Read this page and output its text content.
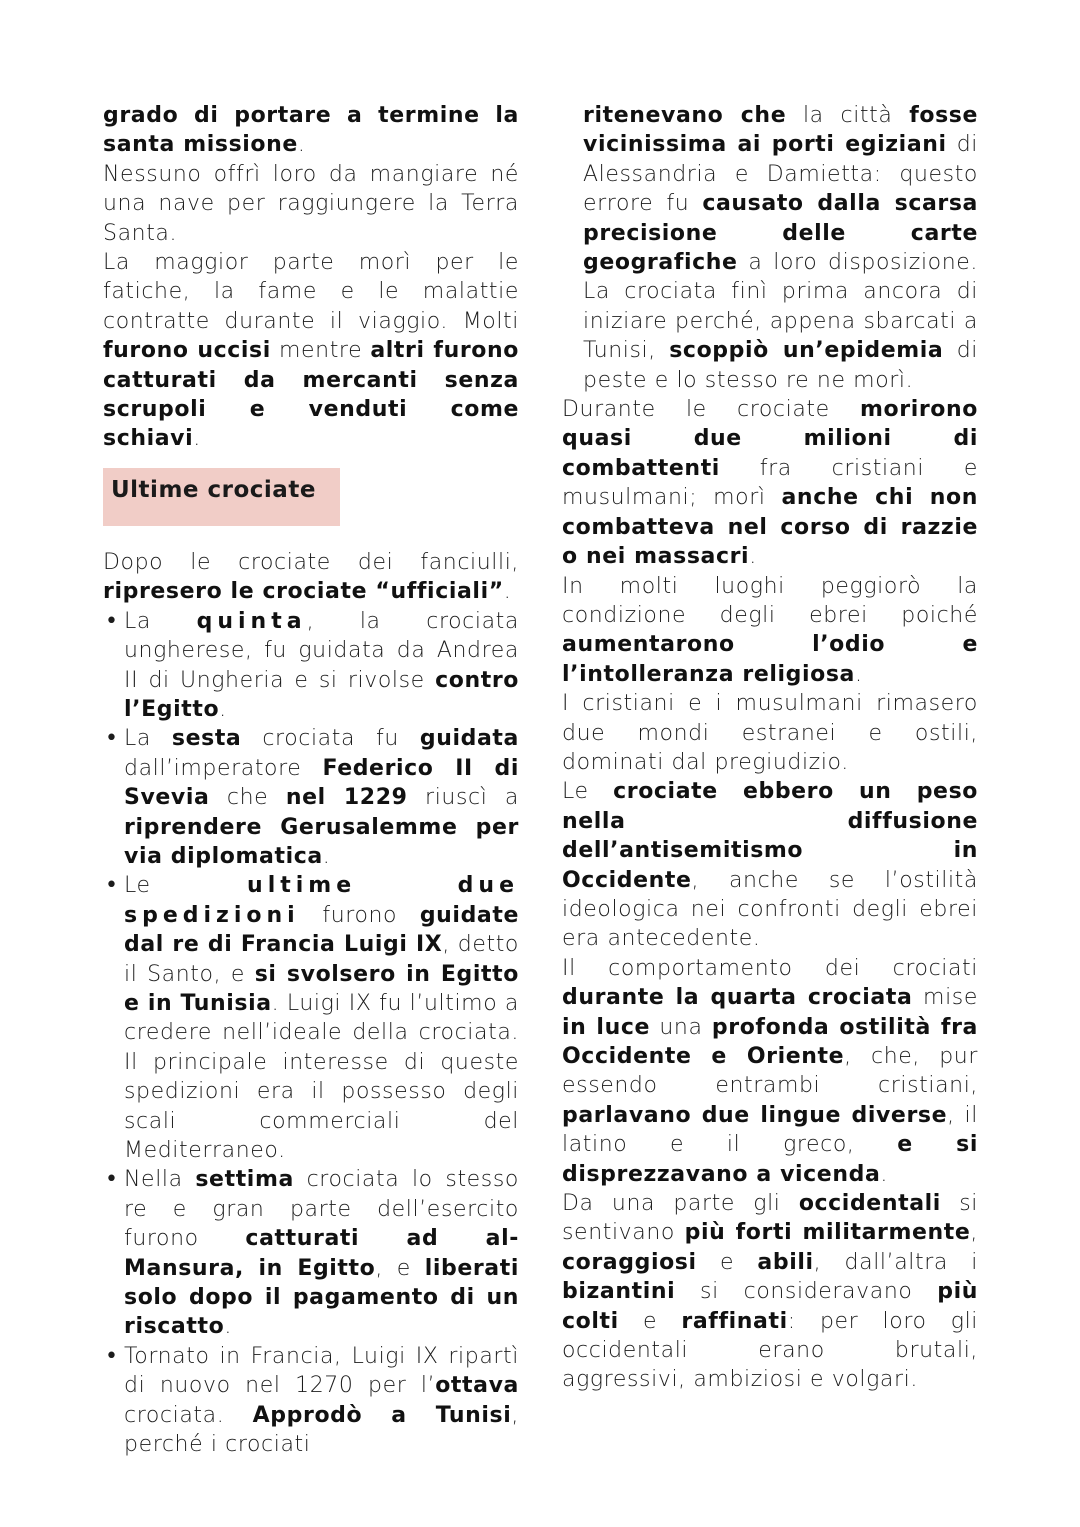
grado di portare a termine la santa missione.

Nessuno offrì loro da mangiare né una nave per raggiungere la Terra Santa.

La maggior parte morì per le fatiche, la fame e le malattie contratte durante il viaggio. Molti furono uccisi mentre altri furono catturati da mercanti senza scrupoli e venduti come schiavi.

Ultime crociate

Dopo le crociate dei fanciulli, ripresero le crociate “ufficiali”.

• La quinta, la crociata ungherese, fu guidata da Andrea II di Ungheria e si rivolse contro l’Egitto.
• La sesta crociata fu guidata dall’imperatore Federico II di Svevia che nel 1229 riuscì a riprendere Gerusalemme per via diplomatica.
• Le ultime due spedizioni furono guidate dal re di Francia Luigi IX, detto il Santo, e si svolsero in Egitto e in Tunisia. Luigi IX fu l’ultimo a credere nell’ideale della crociata. Il principale interesse di queste spedizioni era il possesso degli scali commerciali del Mediterraneo.
• Nella settima crociata lo stesso re e gran parte dell’esercito furono catturati ad al-Mansura, in Egitto, e liberati solo dopo il pagamento di un riscatto.
• Tornato in Francia, Luigi IX ripartì di nuovo nel 1270 per l’ottava crociata. Approdò a Tunisi, perché i crociati

ritenevano che la città fosse vicinissima ai porti egiziani di Alessandria e Damietta: questo errore fu causato dalla scarsa precisione delle carte geografiche a loro disposizione. La crociata finì prima ancora di iniziare perché, appena sbarcati a Tunisi, scoppiò un’epidemia di peste e lo stesso re ne morì.

Durante le crociate morirono quasi due milioni di combattenti fra cristiani e musulmani; morì anche chi non combatteva nel corso di razzie o nei massacri.

In molti luoghi peggiorò la condizione degli ebrei poiché aumentarono l’odio e l’intolleranza religiosa.

I cristiani e i musulmani rimasero due mondi estranei e ostili, dominati dal pregiudizio.

Le crociate ebbero un peso nella diffusione dell’antisemitismo in Occidente, anche se l’ostilità ideologica nei confronti degli ebrei era antecedente.

Il comportamento dei crociati durante la quarta crociata mise in luce una profonda ostilità fra Occidente e Oriente, che, pur essendo entrambi cristiani, parlavano due lingue diverse, il latino e il greco, e si disprezzavano a vicenda.

Da una parte gli occidentali si sentivano più forti militarmente, coraggiosi e abili, dall’altra i bizantini si consideravano più colti e raffinati: per loro gli occidentali erano brutali, aggressivi, ambiziosi e volgari.
